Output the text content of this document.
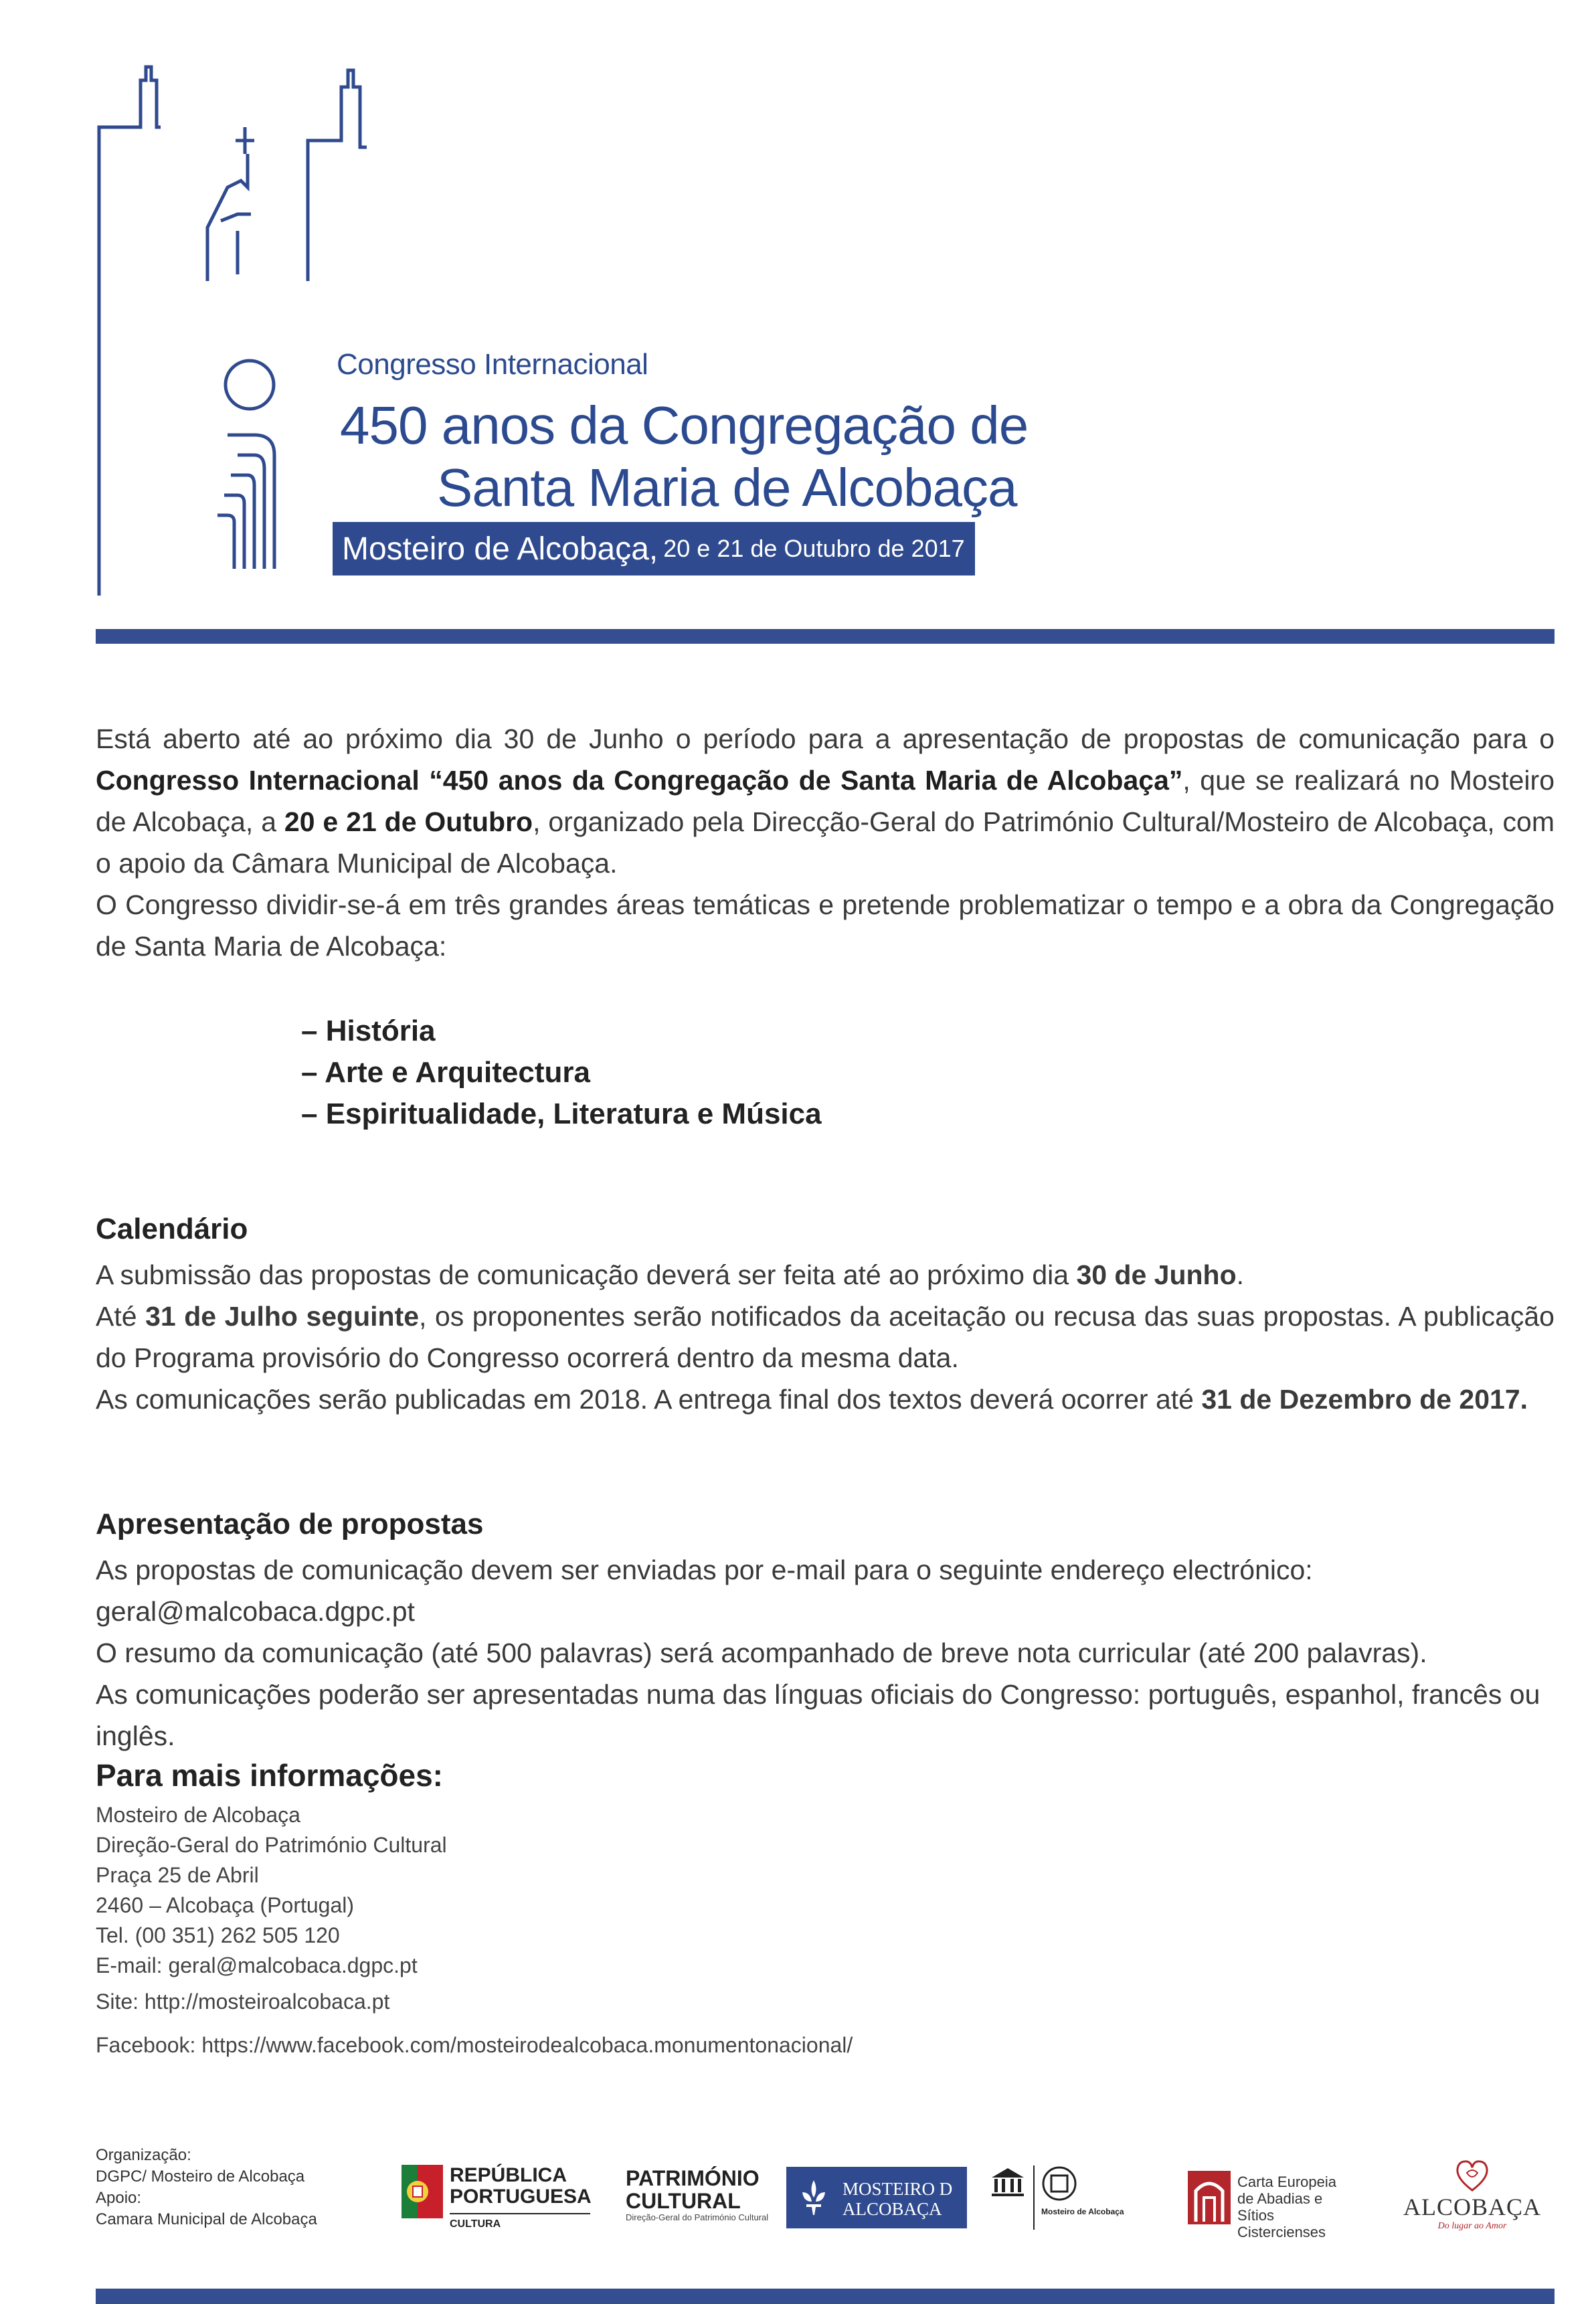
Congresso Internacional
450 anos da Congregação de
Santa Maria de Alcobaça
Mosteiro de Alcobaça, 20 e 21 de Outubro de 2017
Está aberto até ao próximo dia 30 de Junho o período para a apresentação de propostas de comunicação para o Congresso Internacional “450 anos da Congregação de Santa Maria de Alcobaça”, que se realizará no Mosteiro de Alcobaça, a 20 e 21 de Outubro, organizado pela Direcção-Geral do Património Cultural/Mosteiro de Alcobaça, com o apoio da Câmara Municipal de Alcobaça.
O Congresso dividir-se-á em três grandes áreas temáticas e pretende problematizar o tempo e a obra da Congregação de Santa Maria de Alcobaça:
– História
– Arte e Arquitectura
– Espiritualidade, Literatura e Música
Calendário

A submissão das propostas de comunicação deverá ser feita até ao próximo dia 30 de Junho.

Até 31 de Julho seguinte, os proponentes serão notificados da aceitação ou recusa das suas propostas. A publicação do Programa provisório do Congresso ocorrerá dentro da mesma data.

As comunicações serão publicadas em 2018. A entrega final dos textos deverá ocorrer até 31 de Dezembro de 2017.

Apresentação de propostas

As propostas de comunicação devem ser enviadas por e-mail para o seguinte endereço electrónico: geral@malcobaca.dgpc.pt

O resumo da comunicação (até 500 palavras) será acompanhado de breve nota curricular (até 200 palavras).

As comunicações poderão ser apresentadas numa das línguas oficiais do Congresso: português, espanhol, francês ou inglês.

Para mais informações:

Mosteiro de Alcobaça

Direção-Geral do Património Cultural

Praça 25 de Abril

2460 – Alcobaça (Portugal)

Tel. (00 351) 262 505 120

E-mail: geral@malcobaca.dgpc.pt

Site: http://mosteiroalcobaca.pt
Facebook: https://www.facebook.com/mosteirodealcobaca.monumentonacional/

Organização:

DGPC/ Mosteiro de Alcobaça

Apoio:

Camara Municipal de Alcobaça

REPÚBLICA
PORTUGUESA
CULTURA
PATRIMÓNIO
CULTURAL
Direção-Geral do Património Cultural
MOSTEIRO D
ALCOBAÇA	Mosteiro de Alcobaça
Carta Europeia
de Abadias e Sítios
Cistercienses
ALCOBAÇA
Do lugar ao Amor
